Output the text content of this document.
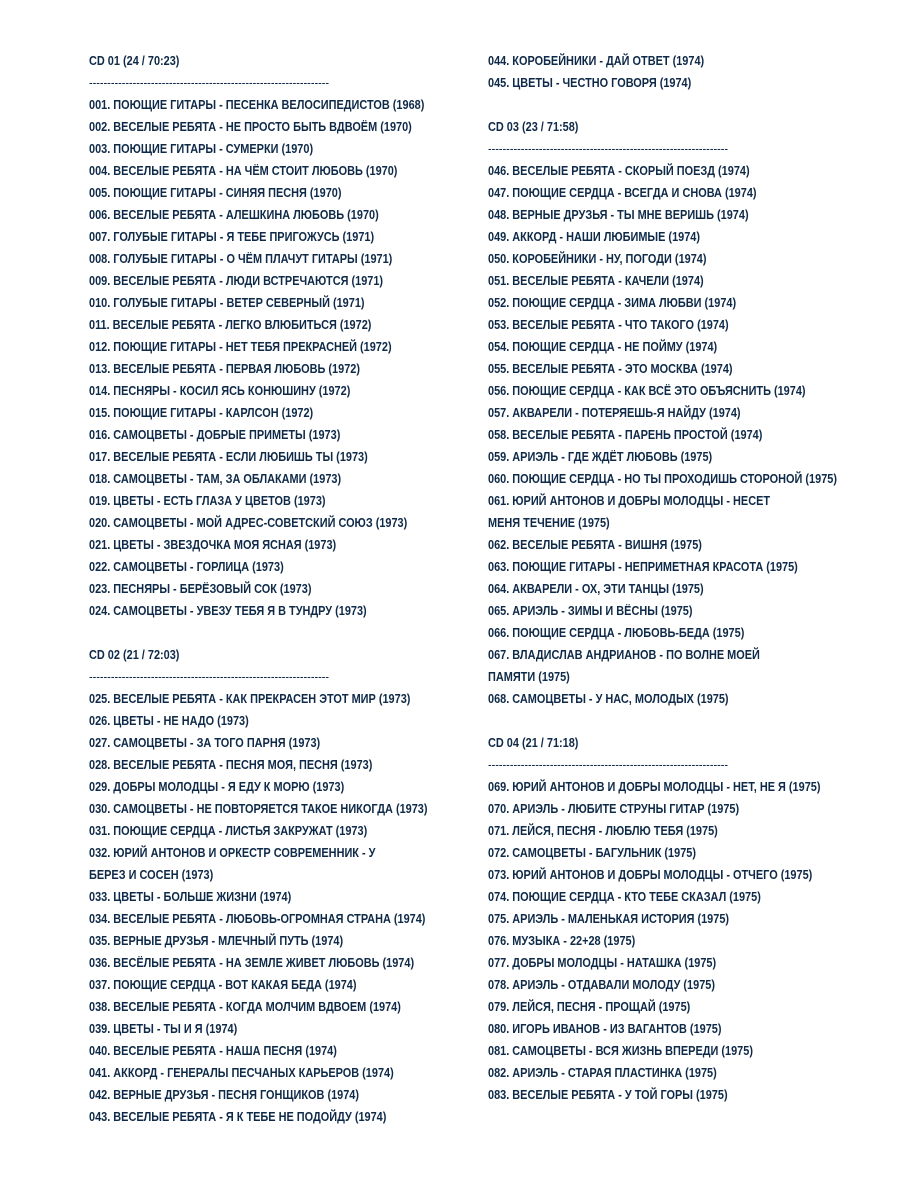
CD 01 (24 / 70:23)
------------------------------------------------------------------
001. ПОЮЩИЕ ГИТАРЫ - ПЕСЕНКА ВЕЛОСИПЕДИСТОВ (1968)
002. ВЕСЕЛЫЕ РЕБЯТА - НЕ ПРОСТО БЫТЬ ВДВОЁМ (1970)
003. ПОЮЩИЕ ГИТАРЫ - СУМЕРКИ (1970)
004. ВЕСЕЛЫЕ РЕБЯТА - НА ЧЁМ СТОИТ ЛЮБОВЬ (1970)
005. ПОЮЩИЕ ГИТАРЫ - СИНЯЯ ПЕСНЯ (1970)
006. ВЕСЕЛЫЕ РЕБЯТА - АЛЕШКИНА ЛЮБОВЬ (1970)
007. ГОЛУБЫЕ ГИТАРЫ - Я ТЕБЕ ПРИГОЖУСЬ (1971)
008. ГОЛУБЫЕ ГИТАРЫ - О ЧЁМ ПЛАЧУТ ГИТАРЫ (1971)
009. ВЕСЕЛЫЕ РЕБЯТА - ЛЮДИ ВСТРЕЧАЮТСЯ (1971)
010. ГОЛУБЫЕ ГИТАРЫ - ВЕТЕР СЕВЕРНЫЙ (1971)
011. ВЕСЕЛЫЕ РЕБЯТА - ЛЕГКО ВЛЮБИТЬСЯ (1972)
012. ПОЮЩИЕ ГИТАРЫ - НЕТ ТЕБЯ ПРЕКРАСНЕЙ (1972)
013. ВЕСЕЛЫЕ РЕБЯТА - ПЕРВАЯ ЛЮБОВЬ (1972)
014. ПЕСНЯРЫ - КОСИЛ ЯСЬ КОНЮШИНУ (1972)
015. ПОЮЩИЕ ГИТАРЫ - КАРЛСОН (1972)
016. САМОЦВЕТЫ - ДОБРЫЕ ПРИМЕТЫ (1973)
017. ВЕСЕЛЫЕ РЕБЯТА - ЕСЛИ ЛЮБИШЬ ТЫ (1973)
018. САМОЦВЕТЫ - ТАМ, ЗА ОБЛАКАМИ (1973)
019. ЦВЕТЫ - ЕСТЬ ГЛАЗА У ЦВЕТОВ (1973)
020. САМОЦВЕТЫ - МОЙ АДРЕС-СОВЕТСКИЙ СОЮЗ (1973)
021. ЦВЕТЫ - ЗВЕЗДОЧКА МОЯ ЯСНАЯ (1973)
022. САМОЦВЕТЫ - ГОРЛИЦА (1973)
023. ПЕСНЯРЫ - БЕРЁЗОВЫЙ СОК (1973)
024. САМОЦВЕТЫ - УВЕЗУ ТЕБЯ Я В ТУНДРУ (1973)
CD 02 (21 / 72:03)
------------------------------------------------------------------
025. ВЕСЕЛЫЕ РЕБЯТА - КАК ПРЕКРАСЕН ЭТОТ МИР (1973)
026. ЦВЕТЫ - НЕ НАДО (1973)
027. САМОЦВЕТЫ - ЗА ТОГО ПАРНЯ (1973)
028. ВЕСЕЛЫЕ РЕБЯТА - ПЕСНЯ МОЯ, ПЕСНЯ (1973)
029. ДОБРЫ МОЛОДЦЫ - Я ЕДУ К МОРЮ (1973)
030. САМОЦВЕТЫ - НЕ ПОВТОРЯЕТСЯ ТАКОЕ НИКОГДА (1973)
031. ПОЮЩИЕ СЕРДЦА - ЛИСТЬЯ ЗАКРУЖАТ (1973)
032. ЮРИЙ АНТОНОВ И ОРКЕСТР СОВРЕМЕННИК - У БЕРЕЗ И СОСЕН (1973)
033. ЦВЕТЫ - БОЛЬШЕ ЖИЗНИ (1974)
034. ВЕСЕЛЫЕ РЕБЯТА - ЛЮБОВЬ-ОГРОМНАЯ СТРАНА (1974)
035. ВЕРНЫЕ ДРУЗЬЯ - МЛЕЧНЫЙ ПУТЬ (1974)
036. ВЕСЁЛЫЕ РЕБЯТА - НА ЗЕМЛЕ ЖИВЕТ ЛЮБОВЬ (1974)
037. ПОЮЩИЕ СЕРДЦА - ВОТ КАКАЯ БЕДА (1974)
038. ВЕСЕЛЫЕ РЕБЯТА - КОГДА МОЛЧИМ ВДВОЕМ (1974)
039. ЦВЕТЫ - ТЫ И Я (1974)
040. ВЕСЕЛЫЕ РЕБЯТА - НАША ПЕСНЯ (1974)
041. АККОРД - ГЕНЕРАЛЫ ПЕСЧАНЫХ КАРЬЕРОВ (1974)
042. ВЕРНЫЕ ДРУЗЬЯ - ПЕСНЯ ГОНЩИКОВ (1974)
043. ВЕСЕЛЫЕ РЕБЯТА - Я К ТЕБЕ НЕ ПОДОЙДУ (1974)
044. КОРОБЕЙНИКИ - ДАЙ ОТВЕТ (1974)
045. ЦВЕТЫ - ЧЕСТНО ГОВОРЯ (1974)
CD 03 (23 / 71:58)
------------------------------------------------------------------
046. ВЕСЕЛЫЕ РЕБЯТА - СКОРЫЙ ПОЕЗД (1974)
047. ПОЮЩИЕ СЕРДЦА - ВСЕГДА И СНОВА (1974)
048. ВЕРНЫЕ ДРУЗЬЯ - ТЫ МНЕ ВЕРИШЬ (1974)
049. АККОРД - НАШИ ЛЮБИМЫЕ (1974)
050. КОРОБЕЙНИКИ - НУ, ПОГОДИ (1974)
051. ВЕСЕЛЫЕ РЕБЯТА - КАЧЕЛИ (1974)
052. ПОЮЩИЕ СЕРДЦА - ЗИМА ЛЮБВИ (1974)
053. ВЕСЕЛЫЕ РЕБЯТА - ЧТО ТАКОГО (1974)
054. ПОЮЩИЕ СЕРДЦА - НЕ ПОЙМУ (1974)
055. ВЕСЕЛЫЕ РЕБЯТА - ЭТО МОСКВА (1974)
056. ПОЮЩИЕ СЕРДЦА - КАК ВСЁ ЭТО ОБЪЯСНИТЬ (1974)
057. АКВАРЕЛИ - ПОТЕРЯЕШЬ-Я НАЙДУ (1974)
058. ВЕСЕЛЫЕ РЕБЯТА - ПАРЕНЬ ПРОСТОЙ (1974)
059. АРИЭЛЬ - ГДЕ ЖДЁТ ЛЮБОВЬ (1975)
060. ПОЮЩИЕ СЕРДЦА - НО ТЫ ПРОХОДИШЬ СТОРОНОЙ (1975)
061. ЮРИЙ АНТОНОВ И ДОБРЫ МОЛОДЦЫ - НЕСЕТ МЕНЯ ТЕЧЕНИЕ (1975)
062. ВЕСЕЛЫЕ РЕБЯТА - ВИШНЯ (1975)
063. ПОЮЩИЕ ГИТАРЫ - НЕПРИМЕТНАЯ КРАСОТА (1975)
064. АКВАРЕЛИ - ОХ, ЭТИ ТАНЦЫ (1975)
065. АРИЭЛЬ - ЗИМЫ И ВЁСНЫ (1975)
066. ПОЮЩИЕ СЕРДЦА - ЛЮБОВЬ-БЕДА (1975)
067. ВЛАДИСЛАВ АНДРИАНОВ - ПО ВОЛНЕ МОЕЙ ПАМЯТИ (1975)
068. САМОЦВЕТЫ - У НАС, МОЛОДЫХ (1975)
CD 04 (21 / 71:18)
------------------------------------------------------------------
069. ЮРИЙ АНТОНОВ И ДОБРЫ МОЛОДЦЫ - НЕТ, НЕ Я (1975)
070. АРИЭЛЬ - ЛЮБИТЕ СТРУНЫ ГИТАР (1975)
071. ЛЕЙСЯ, ПЕСНЯ - ЛЮБЛЮ ТЕБЯ (1975)
072. САМОЦВЕТЫ - БАГУЛЬНИК (1975)
073. ЮРИЙ АНТОНОВ И ДОБРЫ МОЛОДЦЫ - ОТЧЕГО (1975)
074. ПОЮЩИЕ СЕРДЦА - КТО ТЕБЕ СКАЗАЛ (1975)
075. АРИЭЛЬ - МАЛЕНЬКАЯ ИСТОРИЯ (1975)
076. МУЗЫКА - 22+28 (1975)
077. ДОБРЫ МОЛОДЦЫ - НАТАШКА (1975)
078. АРИЭЛЬ - ОТДАВАЛИ МОЛОДУ (1975)
079. ЛЕЙСЯ, ПЕСНЯ - ПРОЩАЙ (1975)
080. ИГОРЬ ИВАНОВ - ИЗ ВАГАНТОВ (1975)
081. САМОЦВЕТЫ - ВСЯ ЖИЗНЬ ВПЕРЕДИ (1975)
082. АРИЭЛЬ - СТАРАЯ ПЛАСТИНКА (1975)
083. ВЕСЕЛЫЕ РЕБЯТА - У ТОЙ ГОРЫ (1975)
